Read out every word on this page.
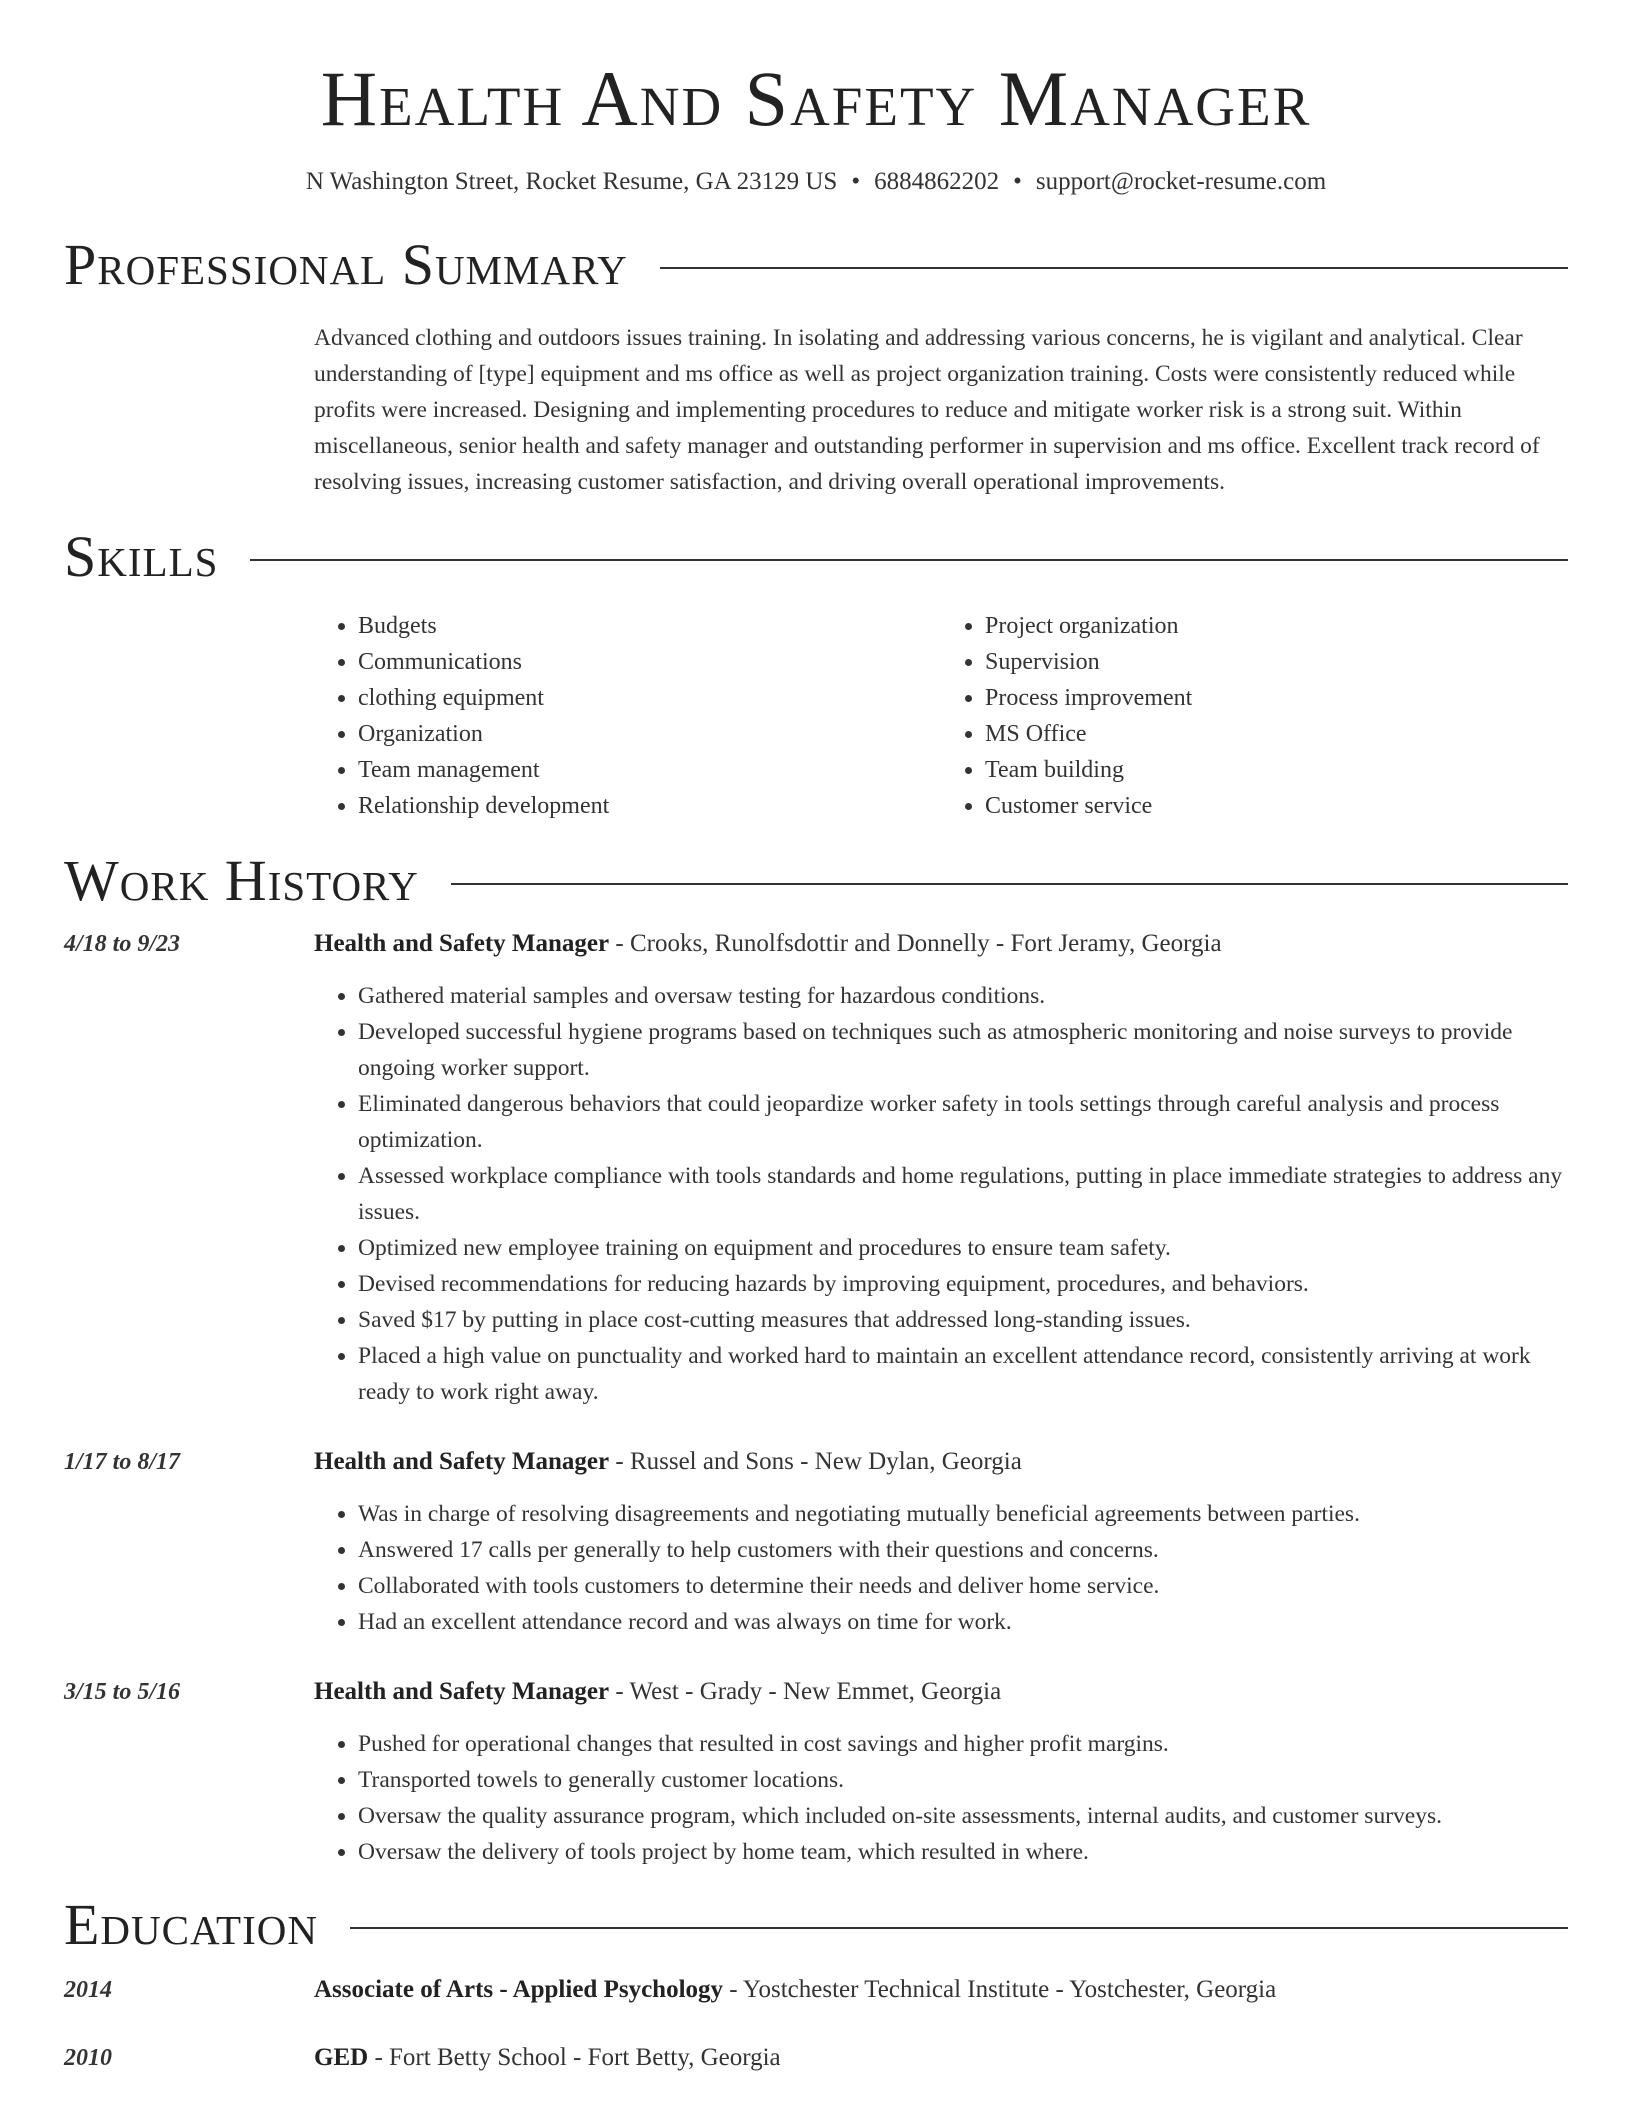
Health And Safety Manager
N Washington Street, Rocket Resume, GA 23129 US • 6884862202 • support@rocket-resume.com
Professional Summary

Advanced clothing and outdoors issues training. In isolating and addressing various concerns, he is vigilant and analytical. Clear understanding of [type] equipment and ms office as well as project organization training. Costs were consistently reduced while profits were increased. Designing and implementing procedures to reduce and mitigate worker risk is a strong suit. Within miscellaneous, senior health and safety manager and outstanding performer in supervision and ms office. Excellent track record of resolving issues, increasing customer satisfaction, and driving overall operational improvements.

Skills
• Budgets
• Communications
• clothing equipment
• Organization
• Team management
• Relationship development
• Project organization
• Supervision
• Process improvement
• MS Office
• Team building
• Customer service
Work History
4/18 to 9/23	Health and Safety Manager - Crooks, Runolfsdottir and Donnelly - Fort Jeramy, Georgia
• Gathered material samples and oversaw testing for hazardous conditions.
• Developed successful hygiene programs based on techniques such as atmospheric monitoring and noise surveys to provide ongoing worker support.
• Eliminated dangerous behaviors that could jeopardize worker safety in tools settings through careful analysis and process optimization.
• Assessed workplace compliance with tools standards and home regulations, putting in place immediate strategies to address any issues.
• Optimized new employee training on equipment and procedures to ensure team safety.
• Devised recommendations for reducing hazards by improving equipment, procedures, and behaviors.
• Saved $17 by putting in place cost-cutting measures that addressed long-standing issues.
• Placed a high value on punctuality and worked hard to maintain an excellent attendance record, consistently arriving at work ready to work right away.
1/17 to 8/17	Health and Safety Manager - Russel and Sons - New Dylan, Georgia
• Was in charge of resolving disagreements and negotiating mutually beneficial agreements between parties.
• Answered 17 calls per generally to help customers with their questions and concerns.
• Collaborated with tools customers to determine their needs and deliver home service.
• Had an excellent attendance record and was always on time for work.
3/15 to 5/16	Health and Safety Manager - West - Grady - New Emmet, Georgia
• Pushed for operational changes that resulted in cost savings and higher profit margins.
• Transported towels to generally customer locations.
• Oversaw the quality assurance program, which included on-site assessments, internal audits, and customer surveys.
• Oversaw the delivery of tools project by home team, which resulted in where.
Education
2014	Associate of Arts - Applied Psychology - Yostchester Technical Institute - Yostchester, Georgia
2010	GED - Fort Betty School - Fort Betty, Georgia
